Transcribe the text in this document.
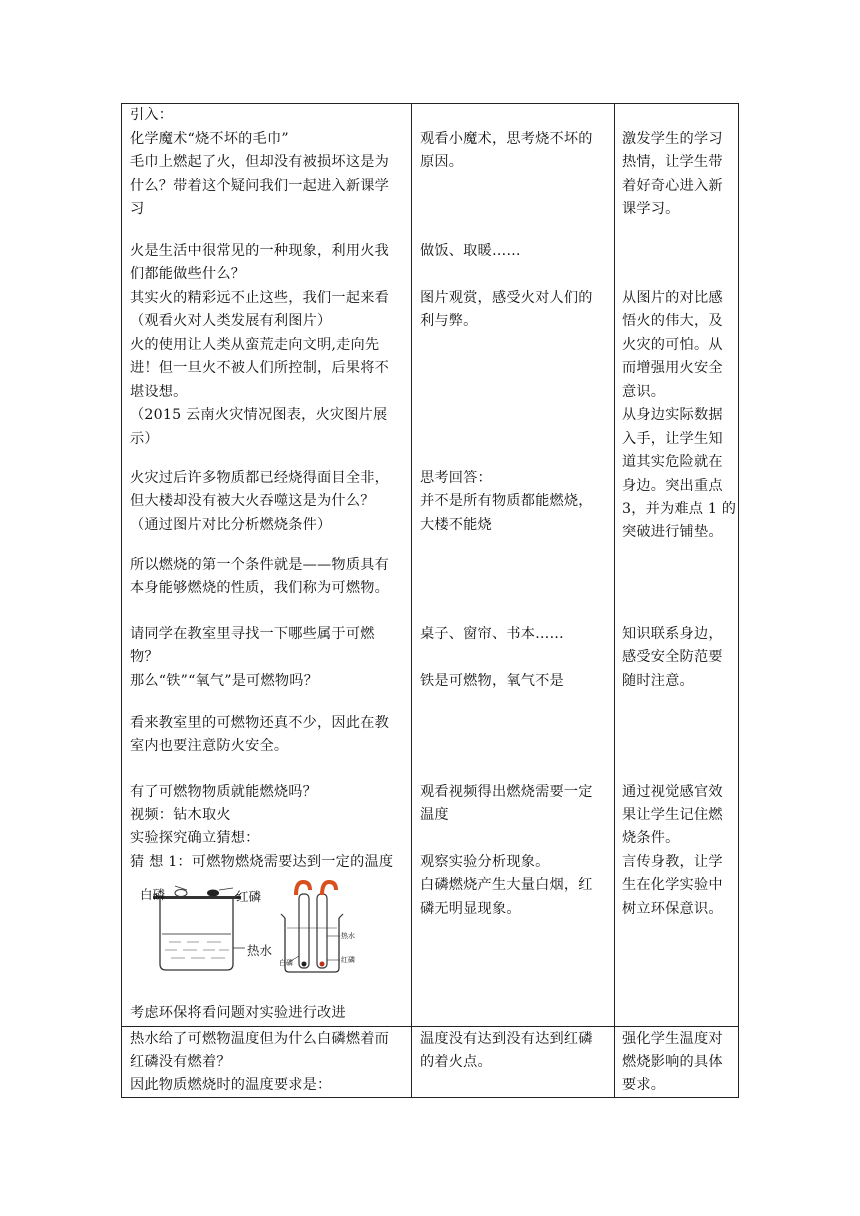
引入：
化学魔术“烧不坏的毛巾”
毛巾上燃起了火，但却没有被损坏这是为
什么？带着这个疑问我们一起进入新课学
习
火是生活中很常见的一种现象，利用火我
们都能做些什么？
其实火的精彩远不止这些，我们一起来看
（观看火对人类发展有利图片）
火的使用让人类从蛮荒走向文明,走向先
进！但一旦火不被人们所控制，后果将不
堪设想。
（2015 云南火灾情况图表，火灾图片展
示）
火灾过后许多物质都已经烧得面目全非，
但大楼却没有被大火吞噬这是为什么？
（通过图片对比分析燃烧条件）
所以燃烧的第一个条件就是——物质具有
本身能够燃烧的性质，我们称为可燃物。
请同学在教室里寻找一下哪些属于可燃
物？
那么“铁”“氧气”是可燃物吗？
看来教室里的可燃物还真不少，因此在教
室内也要注意防火安全。
有了可燃物物质就能燃烧吗？
视频：钻木取火
实验探究确立猜想：
猜 想 1：可燃物燃烧需要达到一定的温度
白磷	红磷
热水
热水
白磷	红磷
考虑环保将看问题对实验进行改进
观看小魔术，思考烧不坏的
原因。
做饭、取暖……
图片观赏，感受火对人们的
利与弊。
思考回答：
并不是所有物质都能燃烧，
大楼不能烧
桌子、窗帘、书本……
铁是可燃物，氧气不是
观看视频得出燃烧需要一定
温度
观察实验分析现象。
白磷燃烧产生大量白烟，红
磷无明显现象。
激发学生的学习
热情，让学生带
着好奇心进入新
课学习。
从图片的对比感
悟火的伟大，及
火灾的可怕。从
而增强用火安全
意识。
从身边实际数据
入手，让学生知
道其实危险就在
身边。突出重点
3，并为难点 1 的
突破进行铺垫。
知识联系身边，
感受安全防范要
随时注意。
通过视觉感官效
果让学生记住燃
烧条件。
言传身教，让学
生在化学实验中
树立环保意识。
热水给了可燃物温度但为什么白磷燃着而
红磷没有燃着？
因此物质燃烧时的温度要求是：
温度没有达到没有达到红磷
的着火点。
强化学生温度对
燃烧影响的具体
要求。
